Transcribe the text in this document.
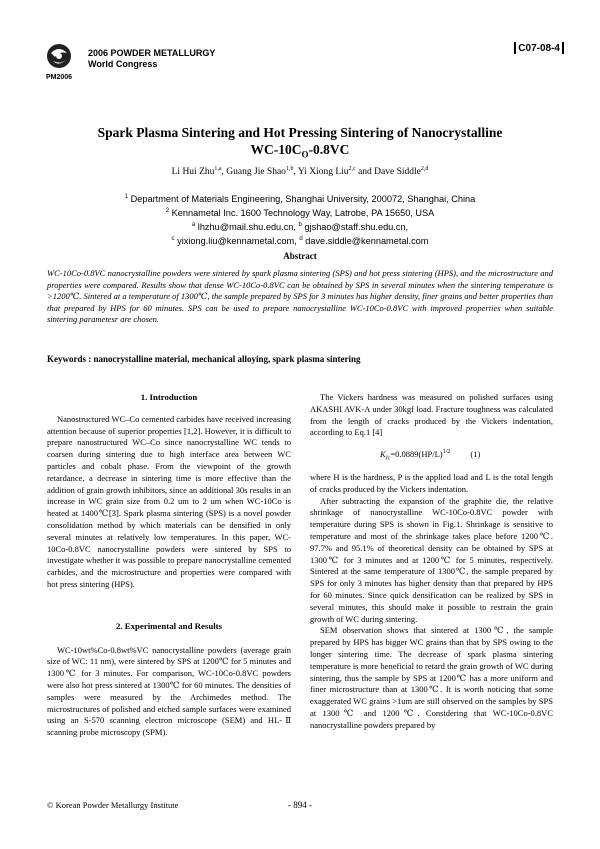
PM2006
2006 POWDER METALLURGY
World Congress
C07-08-4
Spark Plasma Sintering and Hot Pressing Sintering of Nanocrystalline
$WC-10C_O-0.8VC$
Li Hui Zhu$^{1,a}$, Guang Jie Shao$^{1,b}$, Yi Xiong Liu$^{2,c}$ and Dave Siddle$^{2,d}$
$^1$ Department of Materials Engineering, Shanghai University, 200072, Shanghai, China
$^2$ Kennametal Inc. 1600 Technology Way, Latrobe, PA 15650, USA
$^a$ lhzhu@mail.shu.edu.cn, $^b$ gjshao@staff.shu.edu.cn,
$^c$ yixiong.liu@kennametal.com, $^d$ dave.siddle@kennametal.com
Abstract
WC-10Co-0.8VC nanocrystalline powders were sintered by spark plasma sintering (SPS) and hot press sintering (HPS), and the microstructure and properties were compared. Results show that dense WC-10Co-0.8VC can be obtained by SPS in several minutes when the sintering temperature is >1200℃. Sintered at a temperature of 1300℃, the sample prepared by SPS for 3 minutes has higher density, finer grains and better properties than that prepared by HPS for 60 minutes. SPS can be used to prepare nanocrystalline WC-10Co-0.8VC with improved properties when suitable sintering parametesr are chosen.
Keywords : nanocrystalline material, mechanical alloying, spark plasma sintering
1. Introduction

Nanostructured WC–Co cemented carbides have received increasing attention because of superior properties [1,2]. However, it is difficult to prepare nanostructured WC–Co since nanocrystalline WC tends to coarsen during sintering due to high interface area between WC particles and cobalt phase. From the viewpoint of the growth retardance, a decrease in sintering time is more effective than the addition of grain growth inhibitors, since an additional 30s results in an increase in WC grain size from 0.2 um to 2 um when WC-10Co is heated at 1400℃[3]. Spark plasma sintering (SPS) is a novel powder consolidation method by which materials can be densified in only several minutes at relatively low temperatures. In this paper, WC-10Co-0.8VC nanocrystalline powders were sintered by SPS to investigate whether it was possible to prepare nanocrystalline cemented carbides, and the microstructure and properties were compared with hot press sintering (HPS).

2. Experimental and Results

WC-10wt%Co-0.8wt%VC nanocrystalline powders (average grain size of WC: 11 nm), were sintered by SPS at 1200℃ for 5 minutes and 1300℃ for 3 minutes. For comparison, WC-10Co-0.8VC powders were also hot press sintered at 1300℃ for 60 minutes. The densities of samples were measured by the Archimedes method. The microstructures of polished and etched sample surfaces were examined using an S-570 scanning electron microscope (SEM) and HL-Ⅱ scanning probe microscopy (SPM).

The Vickers hardness was measured on polished surfaces using AKASHI AVK-A under 30kgf load. Fracture toughness was calculated from the length of cracks produced by the Vickers indentation, according to Eq.1 [4]

$K_{Ic}=0.0889(HP/L)^{1/2}$ (1)

where H is the hardness, P is the applied load and L is the total length of cracks produced by the Vickers indentation.

After subtracting the expansion of the graphite die, the relative shrinkage of nanocrystalline WC-10Co-0.8VC powder with temperature during SPS is shown in Fig.1. Shrinkage is sensitive to temperature and most of the shrinkage takes place before 1200℃. 97.7% and 95.1% of theoretical density can be obtained by SPS at 1300℃ for 3 minutes and at 1200℃ for 5 minutes, respectively. Sintered at the same temperature of 1300℃, the sample prepared by SPS for only 3 minutes has higher density than that prepared by HPS for 60 minutes. Since quick densification can be realized by SPS in several minutes, this should make it possible to restrain the grain growth of WC during sintering.

SEM observation shows that sintered at 1300℃, the sample prepared by HPS has bigger WC grains than that by SPS owing to the longer sintering time. The decrease of spark plasma sintering temperature is more beneficial to retard the grain growth of WC during sintering, thus the sample by SPS at 1200℃ has a more uniform and finer microstructure than at 1300℃. It is worth noticing that some exaggerated WC grains >1um are still observed on the samples by SPS at 1300℃ and 1200℃. Considering that WC-10Co-0.8VC nanocrystalline powders prepared by

© Korean Powder Metallurgy Institute	- 894 -
